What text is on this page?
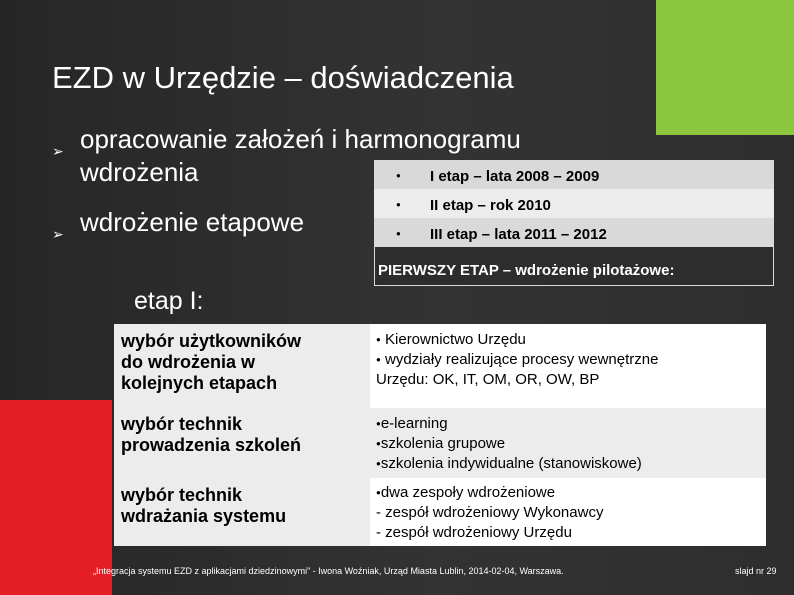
EZD w Urzędzie – doświadczenia
➢ opracowanie założeń i harmonogramu
wdrożenia
➢ wdrożenie etapowe
● I etap – lata 2008 – 2009
● II etap – rok 2010
● III etap – lata 2011 – 2012
PIERWSZY ETAP – wdrożenie pilotażowe:
etap I:
wybór użytkowników
do wdrożenia w
kolejnych etapach
● Kierownictwo Urzędu
● wydziały realizujące procesy wewnętrzne
Urzędu: OK, IT, OM, OR, OW, BP
wybór technik
prowadzenia szkoleń
●e-learning
●szkolenia grupowe
●szkolenia indywidualne (stanowiskowe)
wybór technik
wdrażania systemu
●dwa zespoły wdrożeniowe
- zespół wdrożeniowy Wykonawcy
- zespół wdrożeniowy Urzędu
„Integracja systemu EZD z aplikacjami dziedzinowymi” - Iwona Woźniak, Urząd Miasta Lublin, 2014-02-04, Warszawa.	slajd nr 29
